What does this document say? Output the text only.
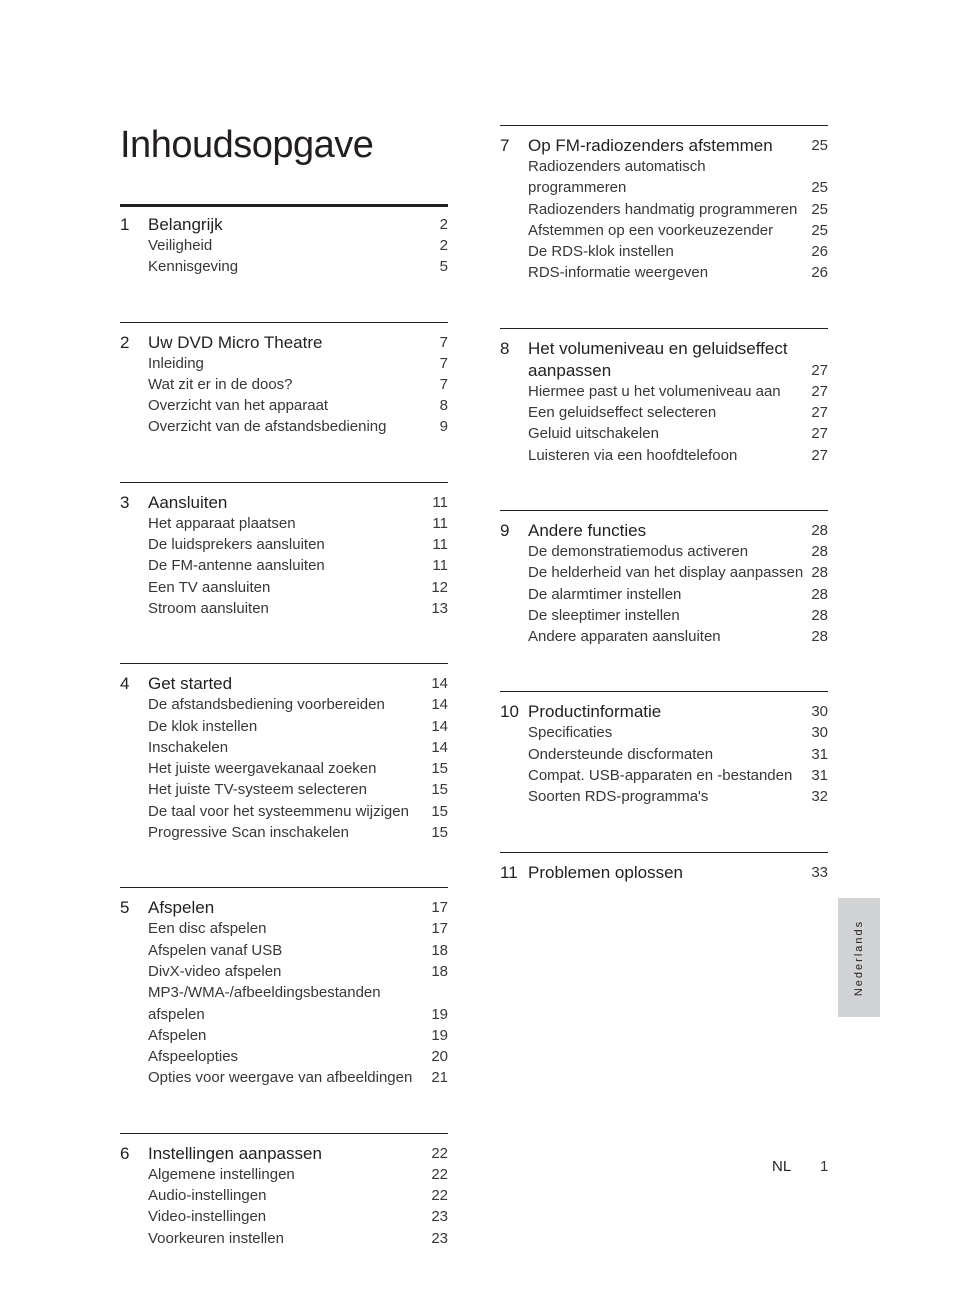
Inhoudsopgave
1	Belangrijk	2
Veiligheid	2
Kennisgeving	5
2	Uw DVD Micro Theatre	7
Inleiding	7
Wat zit er in de doos?	7
Overzicht van het apparaat	8
Overzicht van de afstandsbediening	9
3	Aansluiten	11
Het apparaat plaatsen	11
De luidsprekers aansluiten	11
De FM-antenne aansluiten	11
Een TV aansluiten	12
Stroom aansluiten	13
4	Get started	14
De afstandsbediening voorbereiden	14
De klok instellen	14
Inschakelen	14
Het juiste weergavekanaal zoeken	15
Het juiste TV-systeem selecteren	15
De taal voor het systeemmenu wijzigen	15
Progressive Scan inschakelen	15
5	Afspelen	17
Een disc afspelen	17
Afspelen vanaf USB	18
DivX-video afspelen	18
MP3-/WMA-/afbeeldingsbestanden
afspelen	19
Afspelen	19
Afspeelopties	20
Opties voor weergave van afbeeldingen	21
6	Instellingen aanpassen	22
Algemene instellingen	22
Audio-instellingen	22
Video-instellingen	23
Voorkeuren instellen	23
7	Op FM-radiozenders afstemmen	25
Radiozenders automatisch
programmeren	25
Radiozenders handmatig programmeren 25
Afstemmen op een voorkeuzezender	25
De RDS-klok instellen	26
RDS-informatie weergeven	26
8	Het volumeniveau en geluidseffect
aanpassen	27
Hiermee past u het volumeniveau aan	27
Een geluidseffect selecteren	27
Geluid uitschakelen	27
Luisteren via een hoofdtelefoon	27
9	Andere functies	28
De demonstratiemodus activeren	28
De helderheid van het display aanpassen 28
De alarmtimer instellen	28
De sleeptimer instellen	28
Andere apparaten aansluiten	28
10 Productinformatie	30
Specificaties	30
Ondersteunde discformaten	31
Compat. USB-apparaten en -bestanden	31
Soorten RDS-programma's	32
11 Problemen oplossen	33
Nederlands
NL 1
